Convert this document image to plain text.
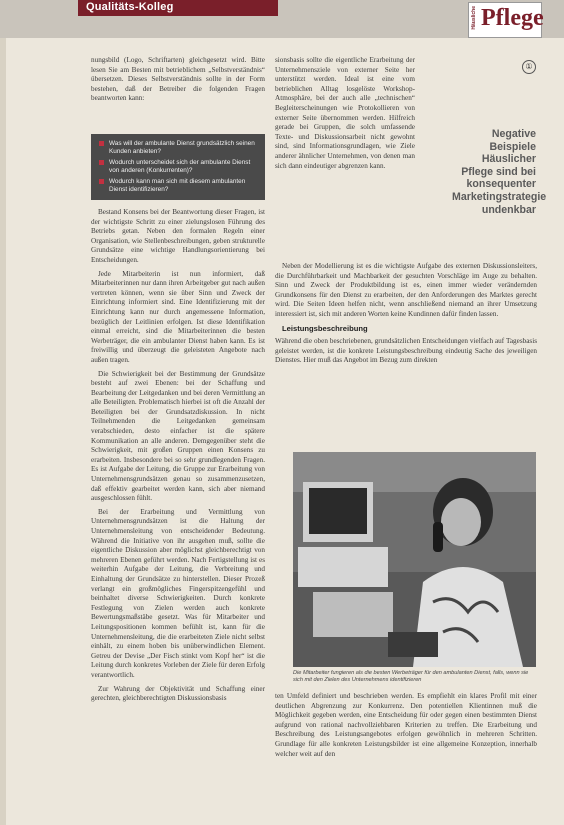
Qualitäts-Kolleg	Häusliche Pflege
①

nungsbild (Logo, Schriftarten) gleichgesetzt wird. Bitte lesen Sie am Besten mit betrieblichem „Selbstverständnis“ übersetzen. Dieses Selbstverständnis sollte in der Form bestehen, daß der Betreiber die folgenden Fragen beantworten kann:

Was will der ambulante Dienst grundsätzlich seinen Kunden anbieten?
Wodurch unterscheidet sich der ambulante Dienst von anderen (Konkurrenten)?
Wodurch kann man sich mit diesem ambulanten Dienst identifizieren?

Bestand Konsens bei der Beantwortung dieser Fragen, ist der wichtigste Schritt zu einer zielungslosen Führung des Betriebs getan. Neben den formalen Regeln einer Organisation, wie Stellenbeschreibungen, geben strukturelle Grundsätze eine wichtige Handlungsorientierung bei Entscheidungen.

Jede Mitarbeiterin ist nun informiert, daß Mitarbeiterinnen nur dann ihren Arbeitgeber gut nach außen vertreten können, wenn sie über Sinn und Zweck der Einrichtung informiert sind. Eine Identifizierung mit der Einrichtung kann nur durch angemessene Information, bezüglich der Leitlinien erfolgen. Ist diese Identifikation einmal erreicht, sind die Mitarbeiterinnen die besten Werbeträger, die ein ambulanter Dienst haben kann. Es ist freiwillig und überzeugt die geleisteten Angebote nach außen tragen.

Die Schwierigkeit bei der Bestimmung der Grundsätze besteht auf zwei Ebenen: bei der Schaffung und Bearbeitung der Leitgedanken und bei deren Vermittlung an alle Beteiligten. Problematisch hierbei ist oft die Anzahl der Beteiligten bei der Grundsatzdiskussion. In nicht Teilnehmenden die Leitgedanken gemeinsam verabschieden, desto einfacher ist die spätere Kommunikation an alle anderen. Demgegenüber steht die Schwierigkeit, mit großen Gruppen einen Konsens zu erarbeiten. Insbesondere bei so sehr grundlegenden Fragen. Es ist Aufgabe der Leitung, die Gruppe zur Erarbeitung von Unternehmensgrundsätzen genau so zusammenzusetzen, daß effektiv gearbeitet werden kann, sich aber niemand ausgeschlossen fühlt.

Bei der Erarbeitung und Vermittlung von Unternehmensgrundsätzen ist die Haltung der Unternehmensleitung von entscheidender Bedeutung. Während die Initiative von ihr ausgehen muß, sollte die eigentliche Diskussion aber möglichst gleichberechtigt von mehreren Ebenen geführt werden. Nach Fertigstellung ist es weiterhin Aufgabe der Leitung, die Verbreitung und Einhaltung der Grundsätze zu hinterstellen. Dieser Prozeß verlangt ein großmögliches Fingerspitzengefühl und beinhaltet diverse Schwierigkeiten. Durch konkrete Festlegung von Zielen werden auch konkrete Bewertungsmaßstäbe gesetzt. Was für Mitarbeiter und Leitungspositionen kommen befühlt ist, kann für die Unternehmensleitung, die die erarbeiteten Ziele nicht selbst einhält, zu einem hoben bis unüberwindlichen Element. Getreu der Devise „Der Fisch stinkt vom Kopf her“ ist die Leitung durch konkretes Vorleben der Ziele für deren Erfolg verantwortlich.

Zur Wahrung der Objektivität und Schaffung einer gerechten, gleichberechtigten Diskussionsbasis

sionsbasis sollte die eigentliche Erarbeitung der Unternehmensziele von externer Seite her unterstützt werden. Ideal ist eine vom betrieblichen Alltag losgelöste Workshop-Atmosphäre, bei der auch alle „technischen“ Begleiterscheinungen wie Protokollieren von externer Seite übernommen werden. Hilfreich gerade bei Gruppen, die solch umfassende Texte- und Diskussionsarbeit nicht gewohnt sind, sind Informationsgrundlagen, wie Ziele anderer ähnlicher Unternehmen, von denen man sich dann eindeutiger abgrenzen kann.

Negative Beispiele Häuslicher Pflege sind bei konsequenter Marketingstrategie undenkbar

Neben der Modellierung ist es die wichtigste Aufgabe des externen Diskussionsleiters, die Durchführbarkeit und Machbarkeit der gesuchten Vorschläge im Auge zu behalten. Sinn und Zweck der Produktbildung ist es, einen immer wieder verändernden Grundkonsens für den Dienst zu erarbeiten, der den Anforderungen des Marktes gerecht wird. Die Seiten Ideen helfen nicht, wenn anschließend niemand an ihrer Umsetzung interessiert ist, sich mit anderen Worten keine Kundinnen dafür finden lassen.

Leistungsbeschreibung

Während die oben beschriebenen, grundsätzlichen Entscheidungen vielfach auf Tagesbasis geleistet werden, ist die konkrete Leistungsbeschreibung eindeutig Sache des jeweiligen Dienstes. Hier muß das Angebot im Bezug zum direkten

Die Mitarbeiter fungieren als die besten Werbeträger für den ambulanten Dienst, falls, wenn sie sich mit den Zielen des Unternehmens identifizieren

ten Umfeld definiert und beschrieben werden. Es empfiehlt ein klares Profil mit einer deutlichen Abgrenzung zur Konkurrenz. Den potentiellen Klientinnen muß die Möglichkeit gegeben werden, eine Entscheidung für oder gegen einen bestimmten Dienst aufgrund von rational nachvollziehbaren Kriterien zu treffen. Die Erarbeitung und Beschreibung des Leistungsangebotes erfolgen gewöhnlich in mehreren Schritten. Grundlage für alle konkreten Leistungsbilder ist eine allgemeine Konzeption, innerhalb welcher weit auf den
